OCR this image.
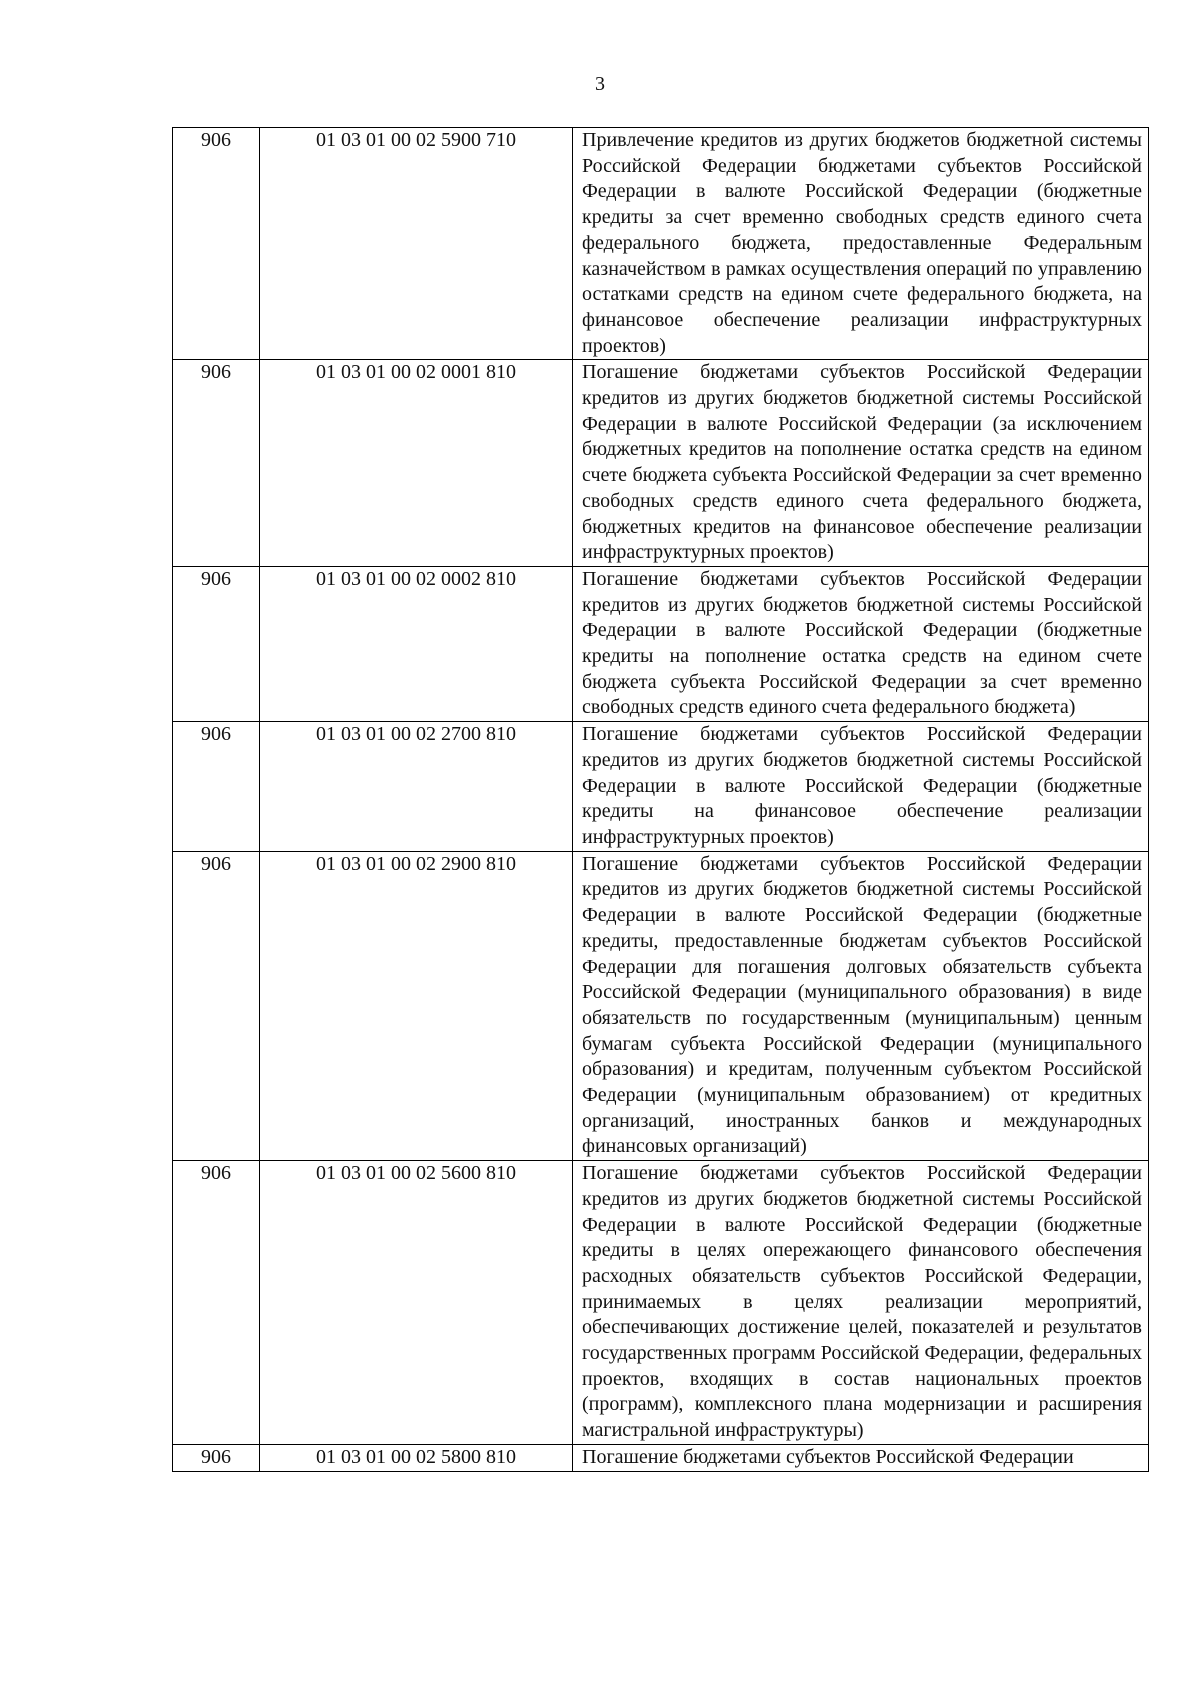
3
906	01 03 01 00 02 5900 710	Привлечение кредитов из других бюджетов бюджетной системы Российской Федерации бюджетами субъектов Российской Федерации в валюте Российской Федерации (бюджетные кредиты за счет временно свободных средств единого счета федерального бюджета, предоставленные Федеральным казначейством в рамках осуществления операций по управлению остатками средств на едином счете федерального бюджета, на финансовое обеспечение реализации инфраструктурных проектов)
906	01 03 01 00 02 0001 810	Погашение бюджетами субъектов Российской Федерации кредитов из других бюджетов бюджетной системы Российской Федерации в валюте Российской Федерации (за исключением бюджетных кредитов на пополнение остатка средств на едином счете бюджета субъекта Российской Федерации за счет временно свободных средств единого счета федерального бюджета, бюджетных кредитов на финансовое обеспечение реализации инфраструктурных проектов)
906	01 03 01 00 02 0002 810	Погашение бюджетами субъектов Российской Федерации кредитов из других бюджетов бюджетной системы Российской Федерации в валюте Российской Федерации (бюджетные кредиты на пополнение остатка средств на едином счете бюджета субъекта Российской Федерации за счет временно свободных средств единого счета федерального бюджета)
906	01 03 01 00 02 2700 810	Погашение бюджетами субъектов Российской Федерации кредитов из других бюджетов бюджетной системы Российской Федерации в валюте Российской Федерации (бюджетные кредиты на финансовое обеспечение реализации инфраструктурных проектов)
906	01 03 01 00 02 2900 810	Погашение бюджетами субъектов Российской Федерации кредитов из других бюджетов бюджетной системы Российской Федерации в валюте Российской Федерации (бюджетные кредиты, предоставленные бюджетам субъектов Российской Федерации для погашения долговых обязательств субъекта Российской Федерации (муниципального образования) в виде обязательств по государственным (муниципальным) ценным бумагам субъекта Российской Федерации (муниципального образования) и кредитам, полученным субъектом Российской Федерации (муниципальным образованием) от кредитных организаций, иностранных банков и международных финансовых организаций)
906	01 03 01 00 02 5600 810	Погашение бюджетами субъектов Российской Федерации кредитов из других бюджетов бюджетной системы Российской Федерации в валюте Российской Федерации (бюджетные кредиты в целях опережающего финансового обеспечения расходных обязательств субъектов Российской Федерации, принимаемых в целях реализации мероприятий, обеспечивающих достижение целей, показателей и результатов государственных программ Российской Федерации, федеральных проектов, входящих в состав национальных проектов (программ), комплексного плана модернизации и расширения магистральной инфраструктуры)
906	01 03 01 00 02 5800 810	Погашение бюджетами субъектов Российской Федерации
